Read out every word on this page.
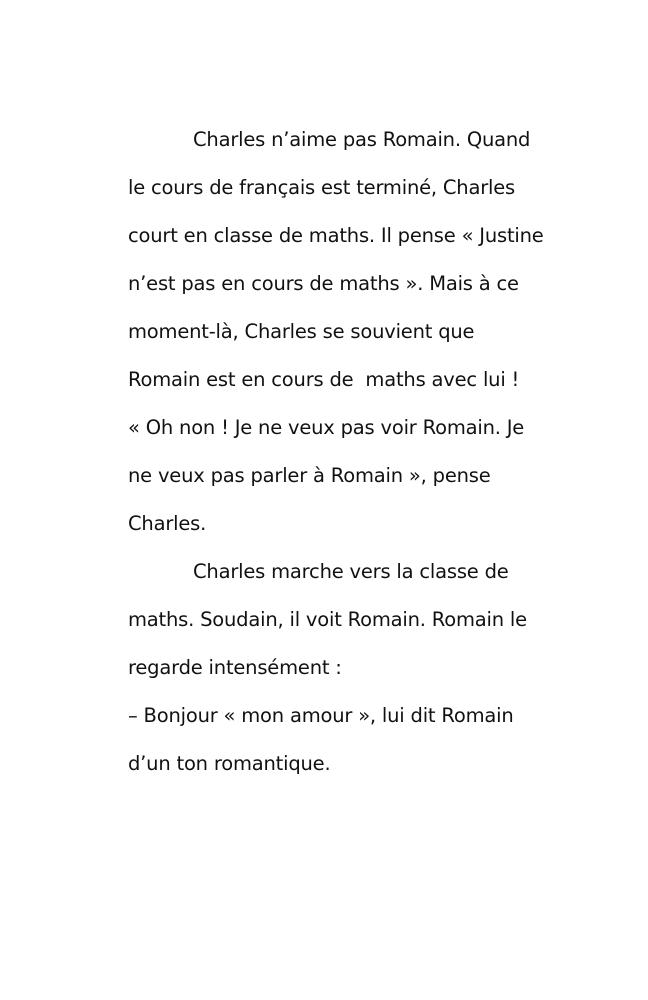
Charles n’aime pas Romain. Quand
le cours de français est terminé, Charles
court en classe de maths. Il pense « Justine
n’est pas en cours de maths ». Mais à ce
moment-là, Charles se souvient que
Romain est en cours de  maths avec lui !
« Oh non ! Je ne veux pas voir Romain. Je
ne veux pas parler à Romain », pense
Charles.
Charles marche vers la classe de
maths. Soudain, il voit Romain. Romain le
regarde intensément :
– Bonjour « mon amour », lui dit Romain
d’un ton romantique.
